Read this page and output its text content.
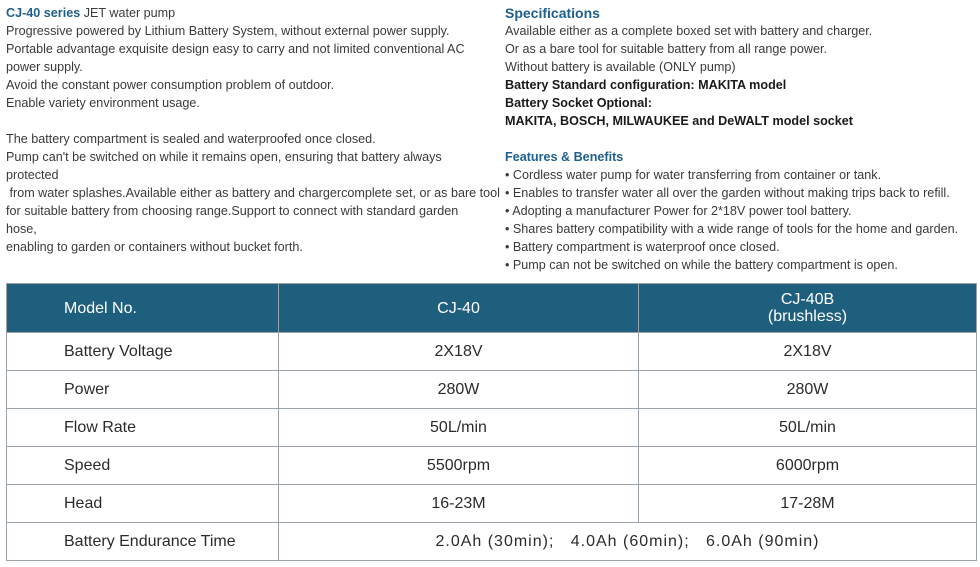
CJ-40 series JET water pump

Progressive powered by Lithium Battery System, without external power supply.

Portable advantage exquisite design easy to carry and not limited conventional AC

power supply.

Avoid the constant power consumption problem of outdoor.

Enable variety environment usage.

The battery compartment is sealed and waterproofed once closed.

Pump can't be switched on while it remains open, ensuring that battery always protected

from water splashes.Available either as battery and chargercomplete set, or as bare tool

for suitable battery from choosing range.Support to connect with standard garden hose,

enabling to garden or containers without bucket forth.

Specifications

Available either as a complete boxed set with battery and charger.

Or as a bare tool for suitable battery from all range power.

Without battery is available (ONLY pump)

Battery Standard configuration: MAKITA model

Battery Socket Optional:

MAKITA, BOSCH, MILWAUKEE and DeWALT model socket

Features & Benefits

• Cordless water pump for water transferring from container or tank.
• Enables to transfer water all over the garden without making trips back to refill.
• Adopting a manufacturer Power for 2*18V power tool battery.
• Shares battery compatibility with a wide range of tools for the home and garden.
• Battery compartment is waterproof once closed.
• Pump can not be switched on while the battery compartment is open.
Model No.	CJ-40	CJ-40B
(brushless)

Battery Voltage	2X18V	2X18V
Power	280W	280W
Flow Rate	50L/min	50L/min
Speed	5500rpm	6000rpm
Head	16-23M	17-28M
Battery Endurance Time	2.0Ah (30min);   4.0Ah (60min);   6.0Ah (90min)	
